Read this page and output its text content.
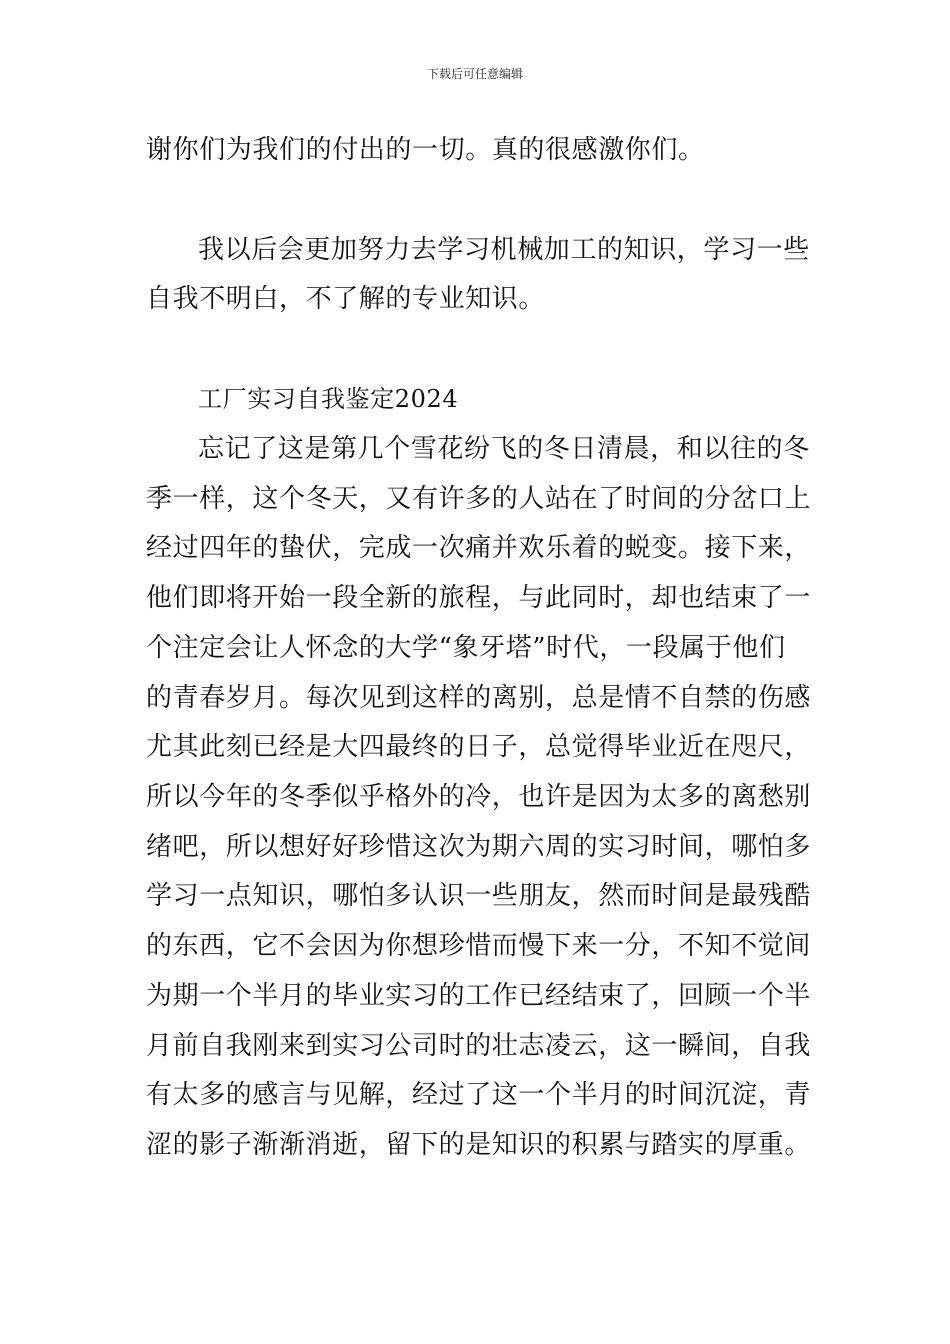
下载后可任意编辑
谢你们为我们的付出的一切。真的很感激你们。
我以后会更加努力去学习机械加工的知识，学习一些
自我不明白，不了解的专业知识。
工厂实习自我鉴定2024
忘记了这是第几个雪花纷飞的冬日清晨，和以往的冬
季一样，这个冬天，又有许多的人站在了时间的分岔口上
经过四年的蛰伏，完成一次痛并欢乐着的蜕变。接下来，
他们即将开始一段全新的旅程，与此同时，却也结束了一
个注定会让人怀念的大学“象牙塔”时代，一段属于他们
的青春岁月。每次见到这样的离别，总是情不自禁的伤感
尤其此刻已经是大四最终的日子，总觉得毕业近在咫尺，
所以今年的冬季似乎格外的冷，也许是因为太多的离愁别
绪吧，所以想好好珍惜这次为期六周的实习时间，哪怕多
学习一点知识，哪怕多认识一些朋友，然而时间是最残酷
的东西，它不会因为你想珍惜而慢下来一分，不知不觉间
为期一个半月的毕业实习的工作已经结束了，回顾一个半
月前自我刚来到实习公司时的壮志凌云，这一瞬间，自我
有太多的感言与见解，经过了这一个半月的时间沉淀，青
涩的影子渐渐消逝，留下的是知识的积累与踏实的厚重。
